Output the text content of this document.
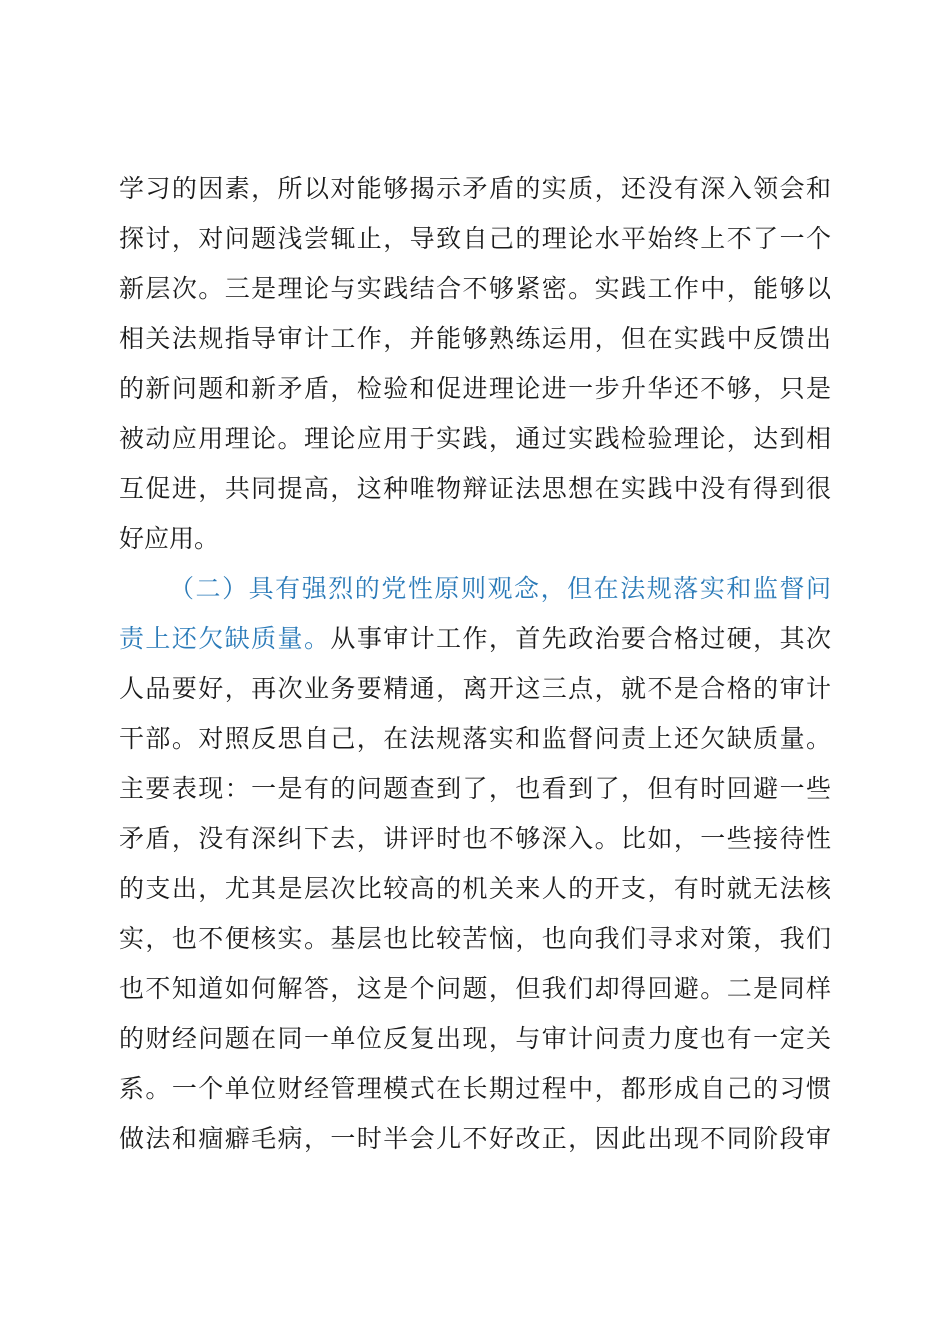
学习的因素，所以对能够揭示矛盾的实质，还没有深入领会和
探讨，对问题浅尝辄止，导致自己的理论水平始终上不了一个
新层次。三是理论与实践结合不够紧密。实践工作中，能够以
相关法规指导审计工作，并能够熟练运用，但在实践中反馈出
的新问题和新矛盾，检验和促进理论进一步升华还不够，只是
被动应用理论。理论应用于实践，通过实践检验理论，达到相
互促进，共同提高，这种唯物辩证法思想在实践中没有得到很
好应用。
（二）具有强烈的党性原则观念，但在法规落实和监督问
责上还欠缺质量。从事审计工作，首先政治要合格过硬，其次
人品要好，再次业务要精通，离开这三点，就不是合格的审计
干部。对照反思自己，在法规落实和监督问责上还欠缺质量。
主要表现：一是有的问题查到了，也看到了，但有时回避一些
矛盾，没有深纠下去，讲评时也不够深入。比如，一些接待性
的支出，尤其是层次比较高的机关来人的开支，有时就无法核
实，也不便核实。基层也比较苦恼，也向我们寻求对策，我们
也不知道如何解答，这是个问题，但我们却得回避。二是同样
的财经问题在同一单位反复出现，与审计问责力度也有一定关
系。一个单位财经管理模式在长期过程中，都形成自己的习惯
做法和痼癖毛病，一时半会儿不好改正，因此出现不同阶段审
